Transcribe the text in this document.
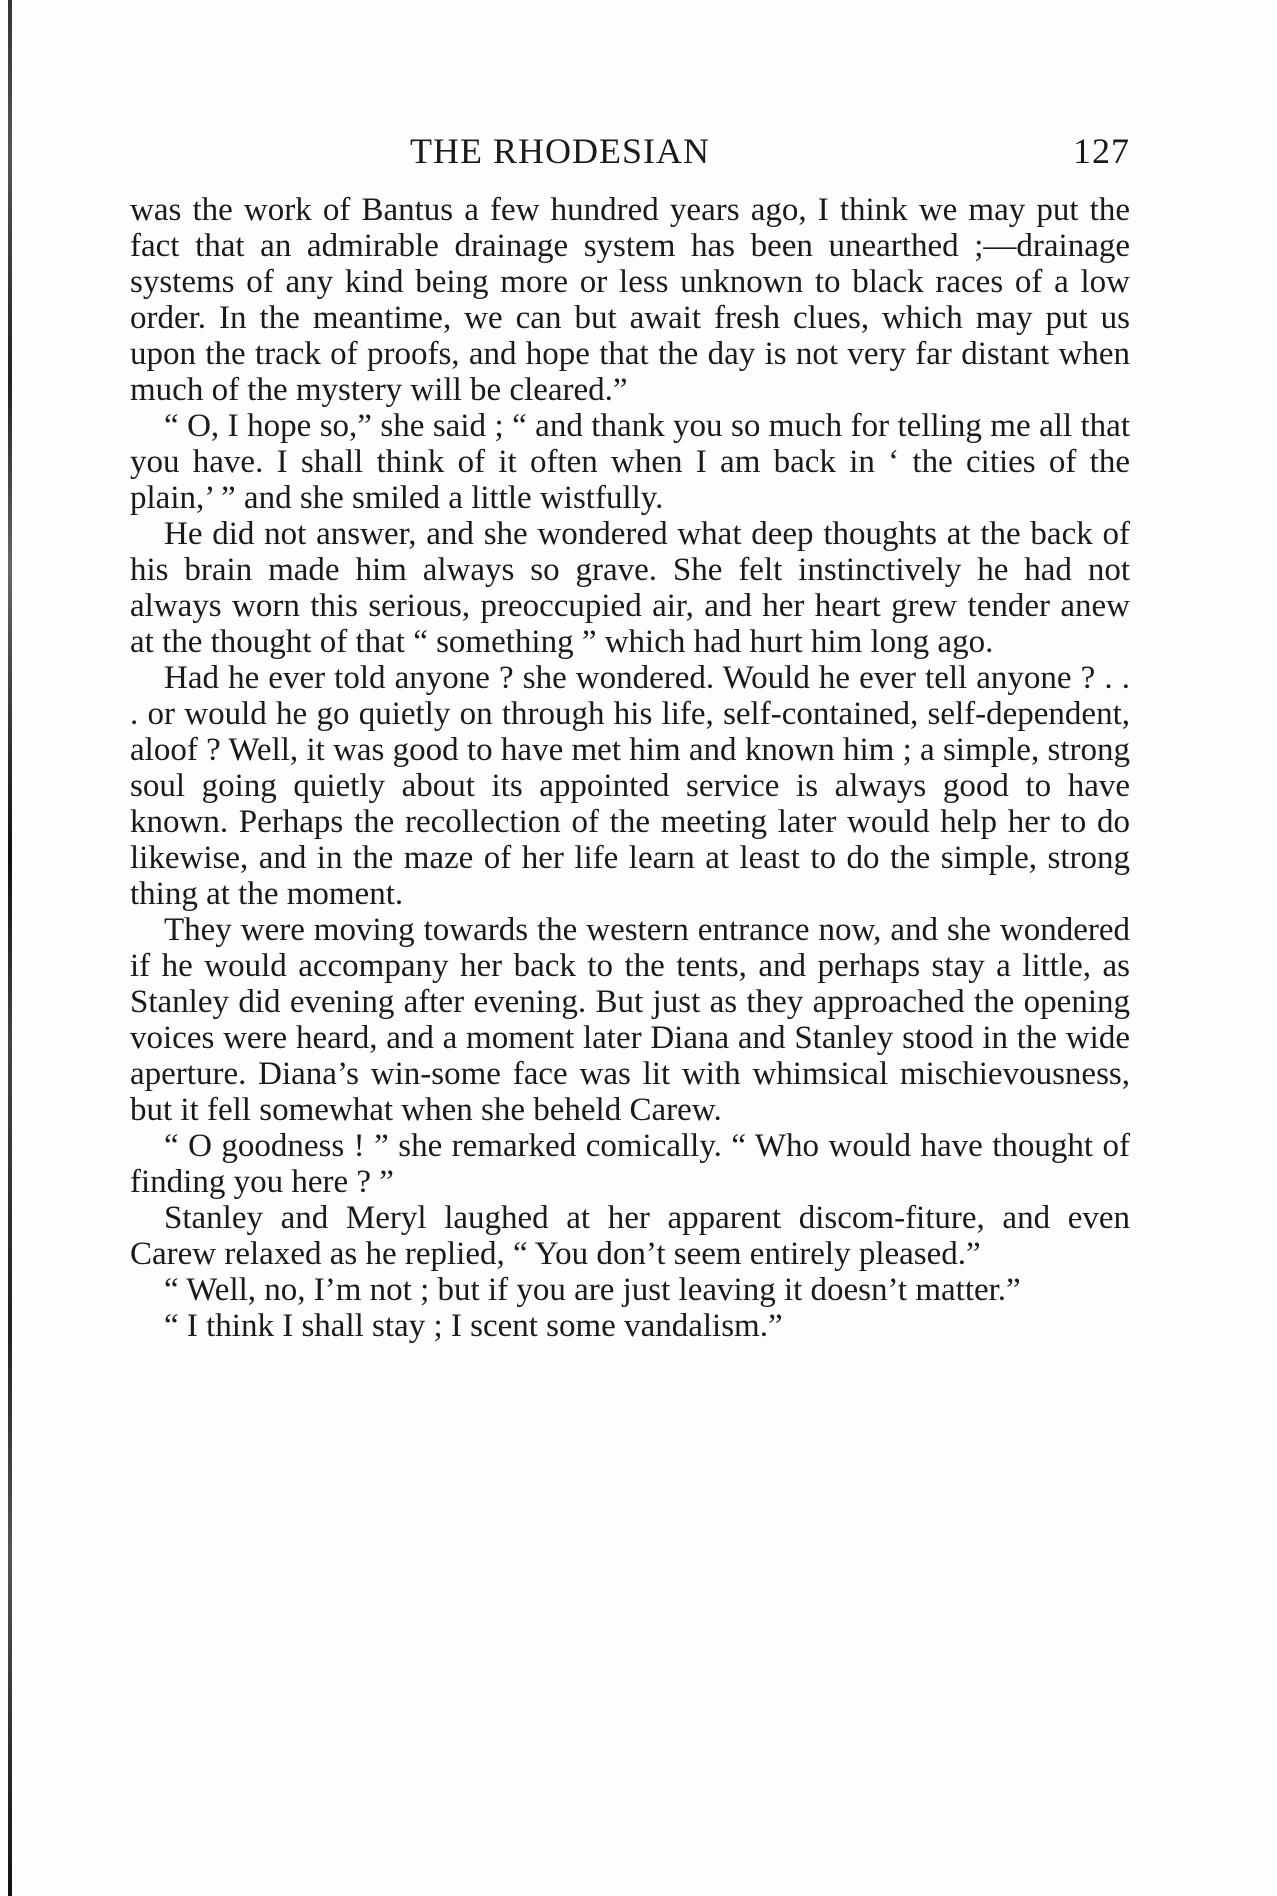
THE RHODESIAN	127

was the work of Bantus a few hundred years ago, I think we may put the fact that an admirable drainage system has been unearthed ;—drainage systems of any kind being more or less unknown to black races of a low order. In the meantime, we can but await fresh clues, which may put us upon the track of proofs, and hope that the day is not very far distant when much of the mystery will be cleared.”

“ O, I hope so,” she said ; “ and thank you so much for telling me all that you have. I shall think of it often when I am back in ‘ the cities of the plain,’ ” and she smiled a little wistfully.

He did not answer, and she wondered what deep thoughts at the back of his brain made him always so grave. She felt instinctively he had not always worn this serious, preoccupied air, and her heart grew tender anew at the thought of that “ something ” which had hurt him long ago.

Had he ever told anyone ? she wondered. Would he ever tell anyone ? . . . or would he go quietly on through his life, self-contained, self-dependent, aloof ? Well, it was good to have met him and known him ; a simple, strong soul going quietly about its appointed service is always good to have known. Perhaps the recollection of the meeting later would help her to do likewise, and in the maze of her life learn at least to do the simple, strong thing at the moment.

They were moving towards the western entrance now, and she wondered if he would accompany her back to the tents, and perhaps stay a little, as Stanley did evening after evening. But just as they approached the opening voices were heard, and a moment later Diana and Stanley stood in the wide aperture. Diana’s win-some face was lit with whimsical mischievousness, but it fell somewhat when she beheld Carew.

“ O goodness ! ” she remarked comically. “ Who would have thought of finding you here ? ”

Stanley and Meryl laughed at her apparent discom-fiture, and even Carew relaxed as he replied, “ You don’t seem entirely pleased.”

“ Well, no, I’m not ; but if you are just leaving it doesn’t matter.”

“ I think I shall stay ; I scent some vandalism.”
